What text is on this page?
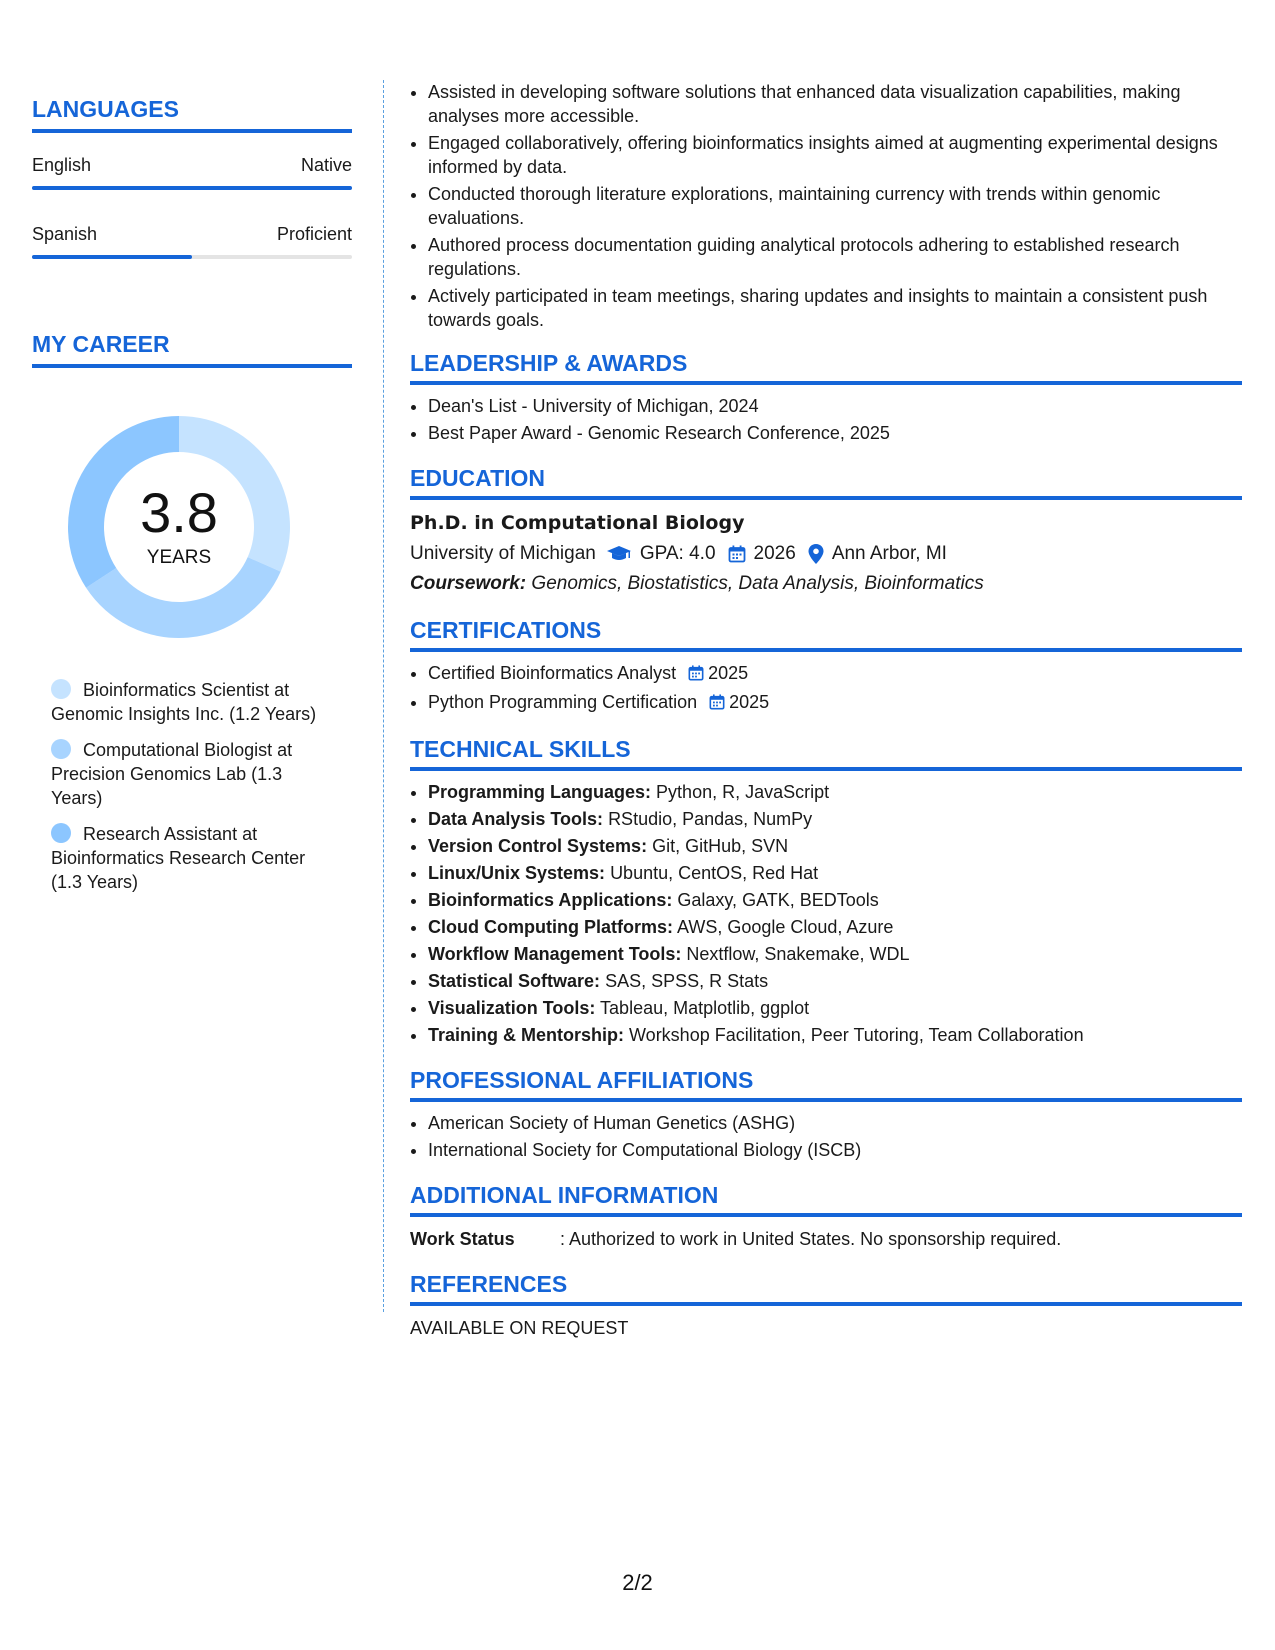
LANGUAGES
English	Native
Spanish	Proficient
MY CAREER
3.8
YEARS
Bioinformatics Scientist at Genomic Insights Inc. (1.2 Years)
Computational Biologist at Precision Genomics Lab (1.3 Years)
Research Assistant at Bioinformatics Research Center (1.3 Years)
• Assisted in developing software solutions that enhanced data visualization capabilities, making analyses more accessible.
• Engaged collaboratively, offering bioinformatics insights aimed at augmenting experimental designs informed by data.
• Conducted thorough literature explorations, maintaining currency with trends within genomic evaluations.
• Authored process documentation guiding analytical protocols adhering to established research regulations.
• Actively participated in team meetings, sharing updates and insights to maintain a consistent push towards goals.
LEADERSHIP & AWARDS
• Dean's List - University of Michigan, 2024
• Best Paper Award - Genomic Research Conference, 2025
EDUCATION
Ph.D. in Computational Biology
University of Michigan GPA: 4.0 2026 Ann Arbor, MI
Coursework: Genomics, Biostatistics, Data Analysis, Bioinformatics
CERTIFICATIONS
• Certified Bioinformatics Analyst 2025
• Python Programming Certification 2025
TECHNICAL SKILLS
• Programming Languages: Python, R, JavaScript
• Data Analysis Tools: RStudio, Pandas, NumPy
• Version Control Systems: Git, GitHub, SVN
• Linux/Unix Systems: Ubuntu, CentOS, Red Hat
• Bioinformatics Applications: Galaxy, GATK, BEDTools
• Cloud Computing Platforms: AWS, Google Cloud, Azure
• Workflow Management Tools: Nextflow, Snakemake, WDL
• Statistical Software: SAS, SPSS, R Stats
• Visualization Tools: Tableau, Matplotlib, ggplot
• Training & Mentorship: Workshop Facilitation, Peer Tutoring, Team Collaboration
PROFESSIONAL AFFILIATIONS
• American Society of Human Genetics (ASHG)
• International Society for Computational Biology (ISCB)
ADDITIONAL INFORMATION
Work Status	: Authorized to work in United States. No sponsorship required.
REFERENCES
AVAILABLE ON REQUEST
2/2
